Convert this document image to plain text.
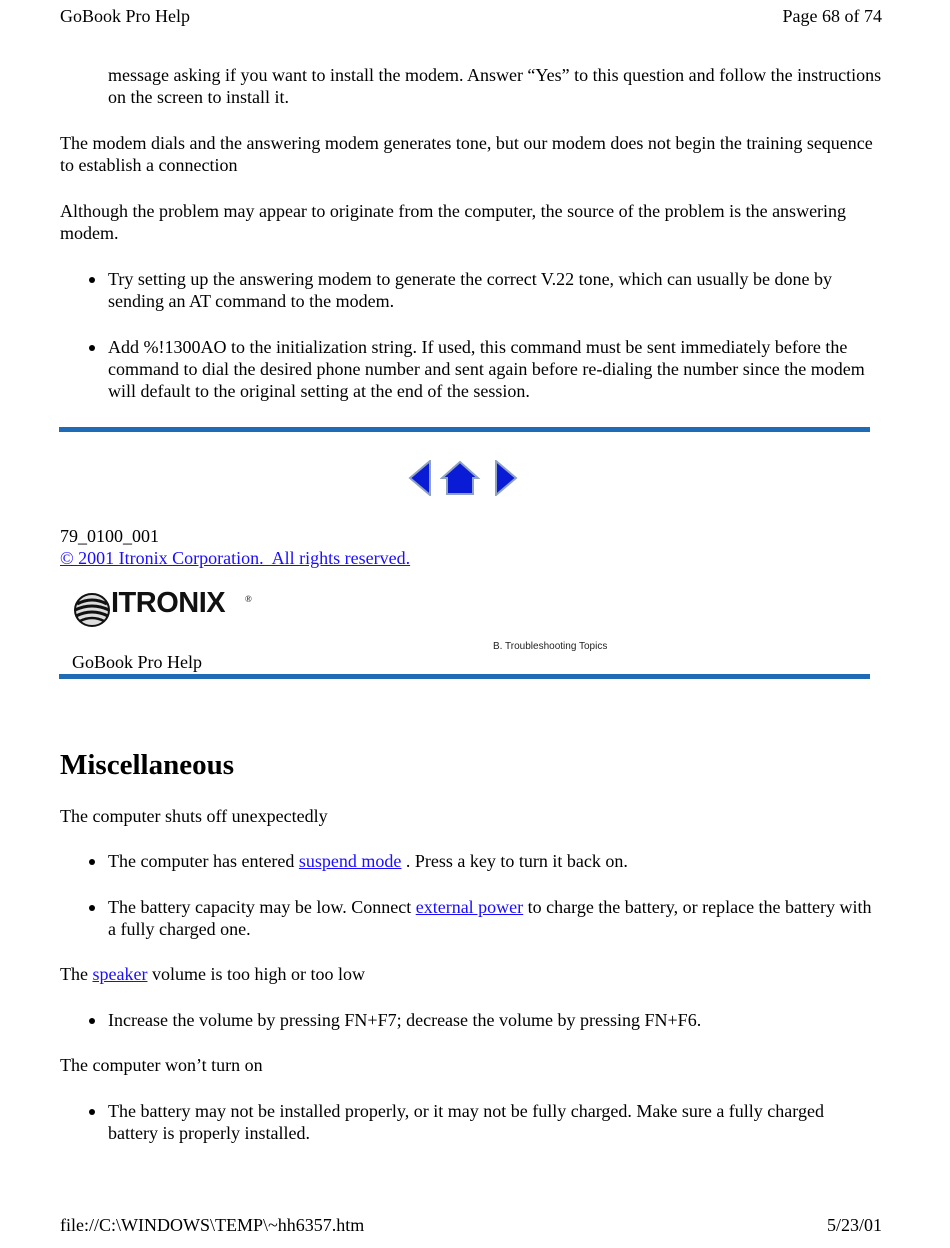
GoBook Pro Help	Page 68 of 74

message asking if you want to install the modem. Answer “Yes” to this question and follow the instructions on the screen to install it.

The modem dials and the answering modem generates tone, but our modem does not begin the training sequence to establish a connection

Although the problem may appear to originate from the computer, the source of the problem is the answering modem.

Try setting up the answering modem to generate the correct V.22 tone, which can usually be done by sending an AT command to the modem.

Add %!1300AO to the initialization string. If used, this command must be sent immediately before the command to dial the desired phone number and sent again before re-dialing the number since the modem will default to the original setting at the end of the session.

79_0100_001
© 2001 Itronix Corporation.  All rights reserved.
ITRONIX ®
B. Troubleshooting Topics
GoBook Pro Help
Miscellaneous

The computer shuts off unexpectedly

The computer has entered suspend mode . Press a key to turn it back on.

The battery capacity may be low. Connect external power to charge the battery, or replace the battery with a fully charged one.

The speaker volume is too high or too low

Increase the volume by pressing FN+F7; decrease the volume by pressing FN+F6.

The computer won’t turn on

The battery may not be installed properly, or it may not be fully charged. Make sure a fully charged battery is properly installed.

file://C:\WINDOWS\TEMP\~hh6357.htm	5/23/01
